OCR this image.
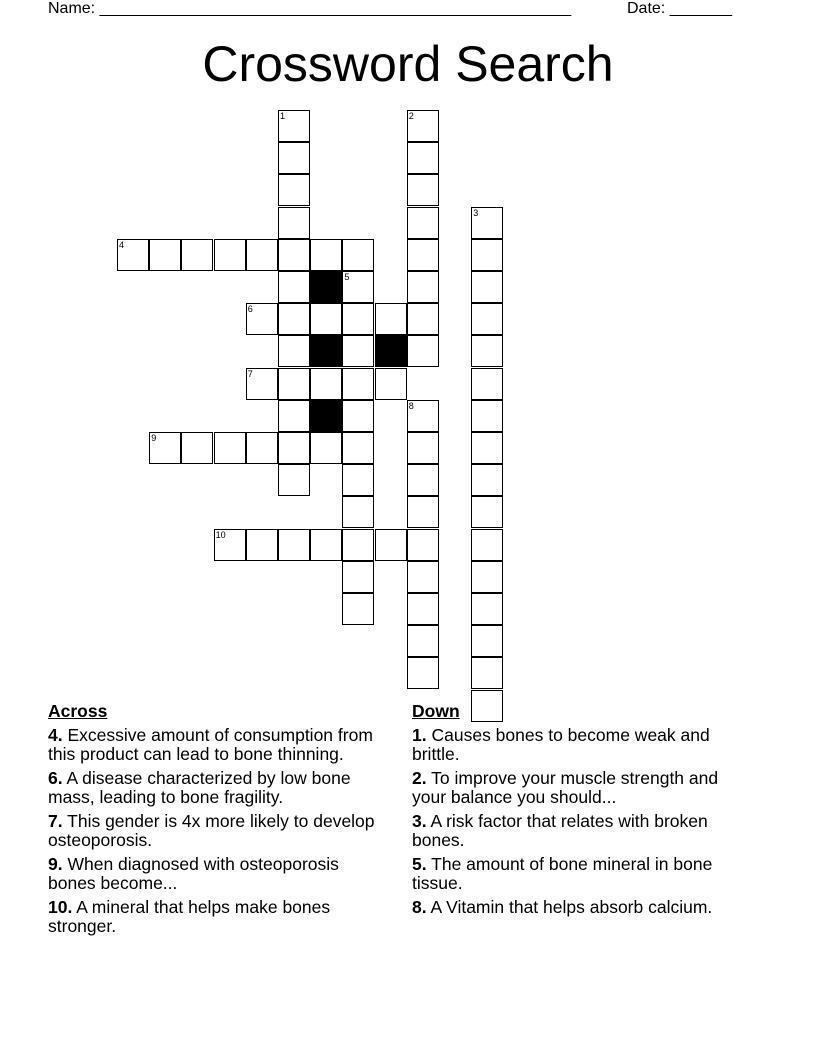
Name: _____________________________________________________	Date: _______
Crossword Search
4
6
7
9
10
1	2
3
5
8
Across
4. Excessive amount of consumption from this product can lead to bone thinning.
6. A disease characterized by low bone mass, leading to bone fragility.
7. This gender is 4x more likely to develop osteoporosis.
9. When diagnosed with osteoporosis bones become...
10. A mineral that helps make bones stronger.
Down
1. Causes bones to become weak and brittle.
2. To improve your muscle strength and your balance you should...
3. A risk factor that relates with broken bones.
5. The amount of bone mineral in bone tissue.
8. A Vitamin that helps absorb calcium.
